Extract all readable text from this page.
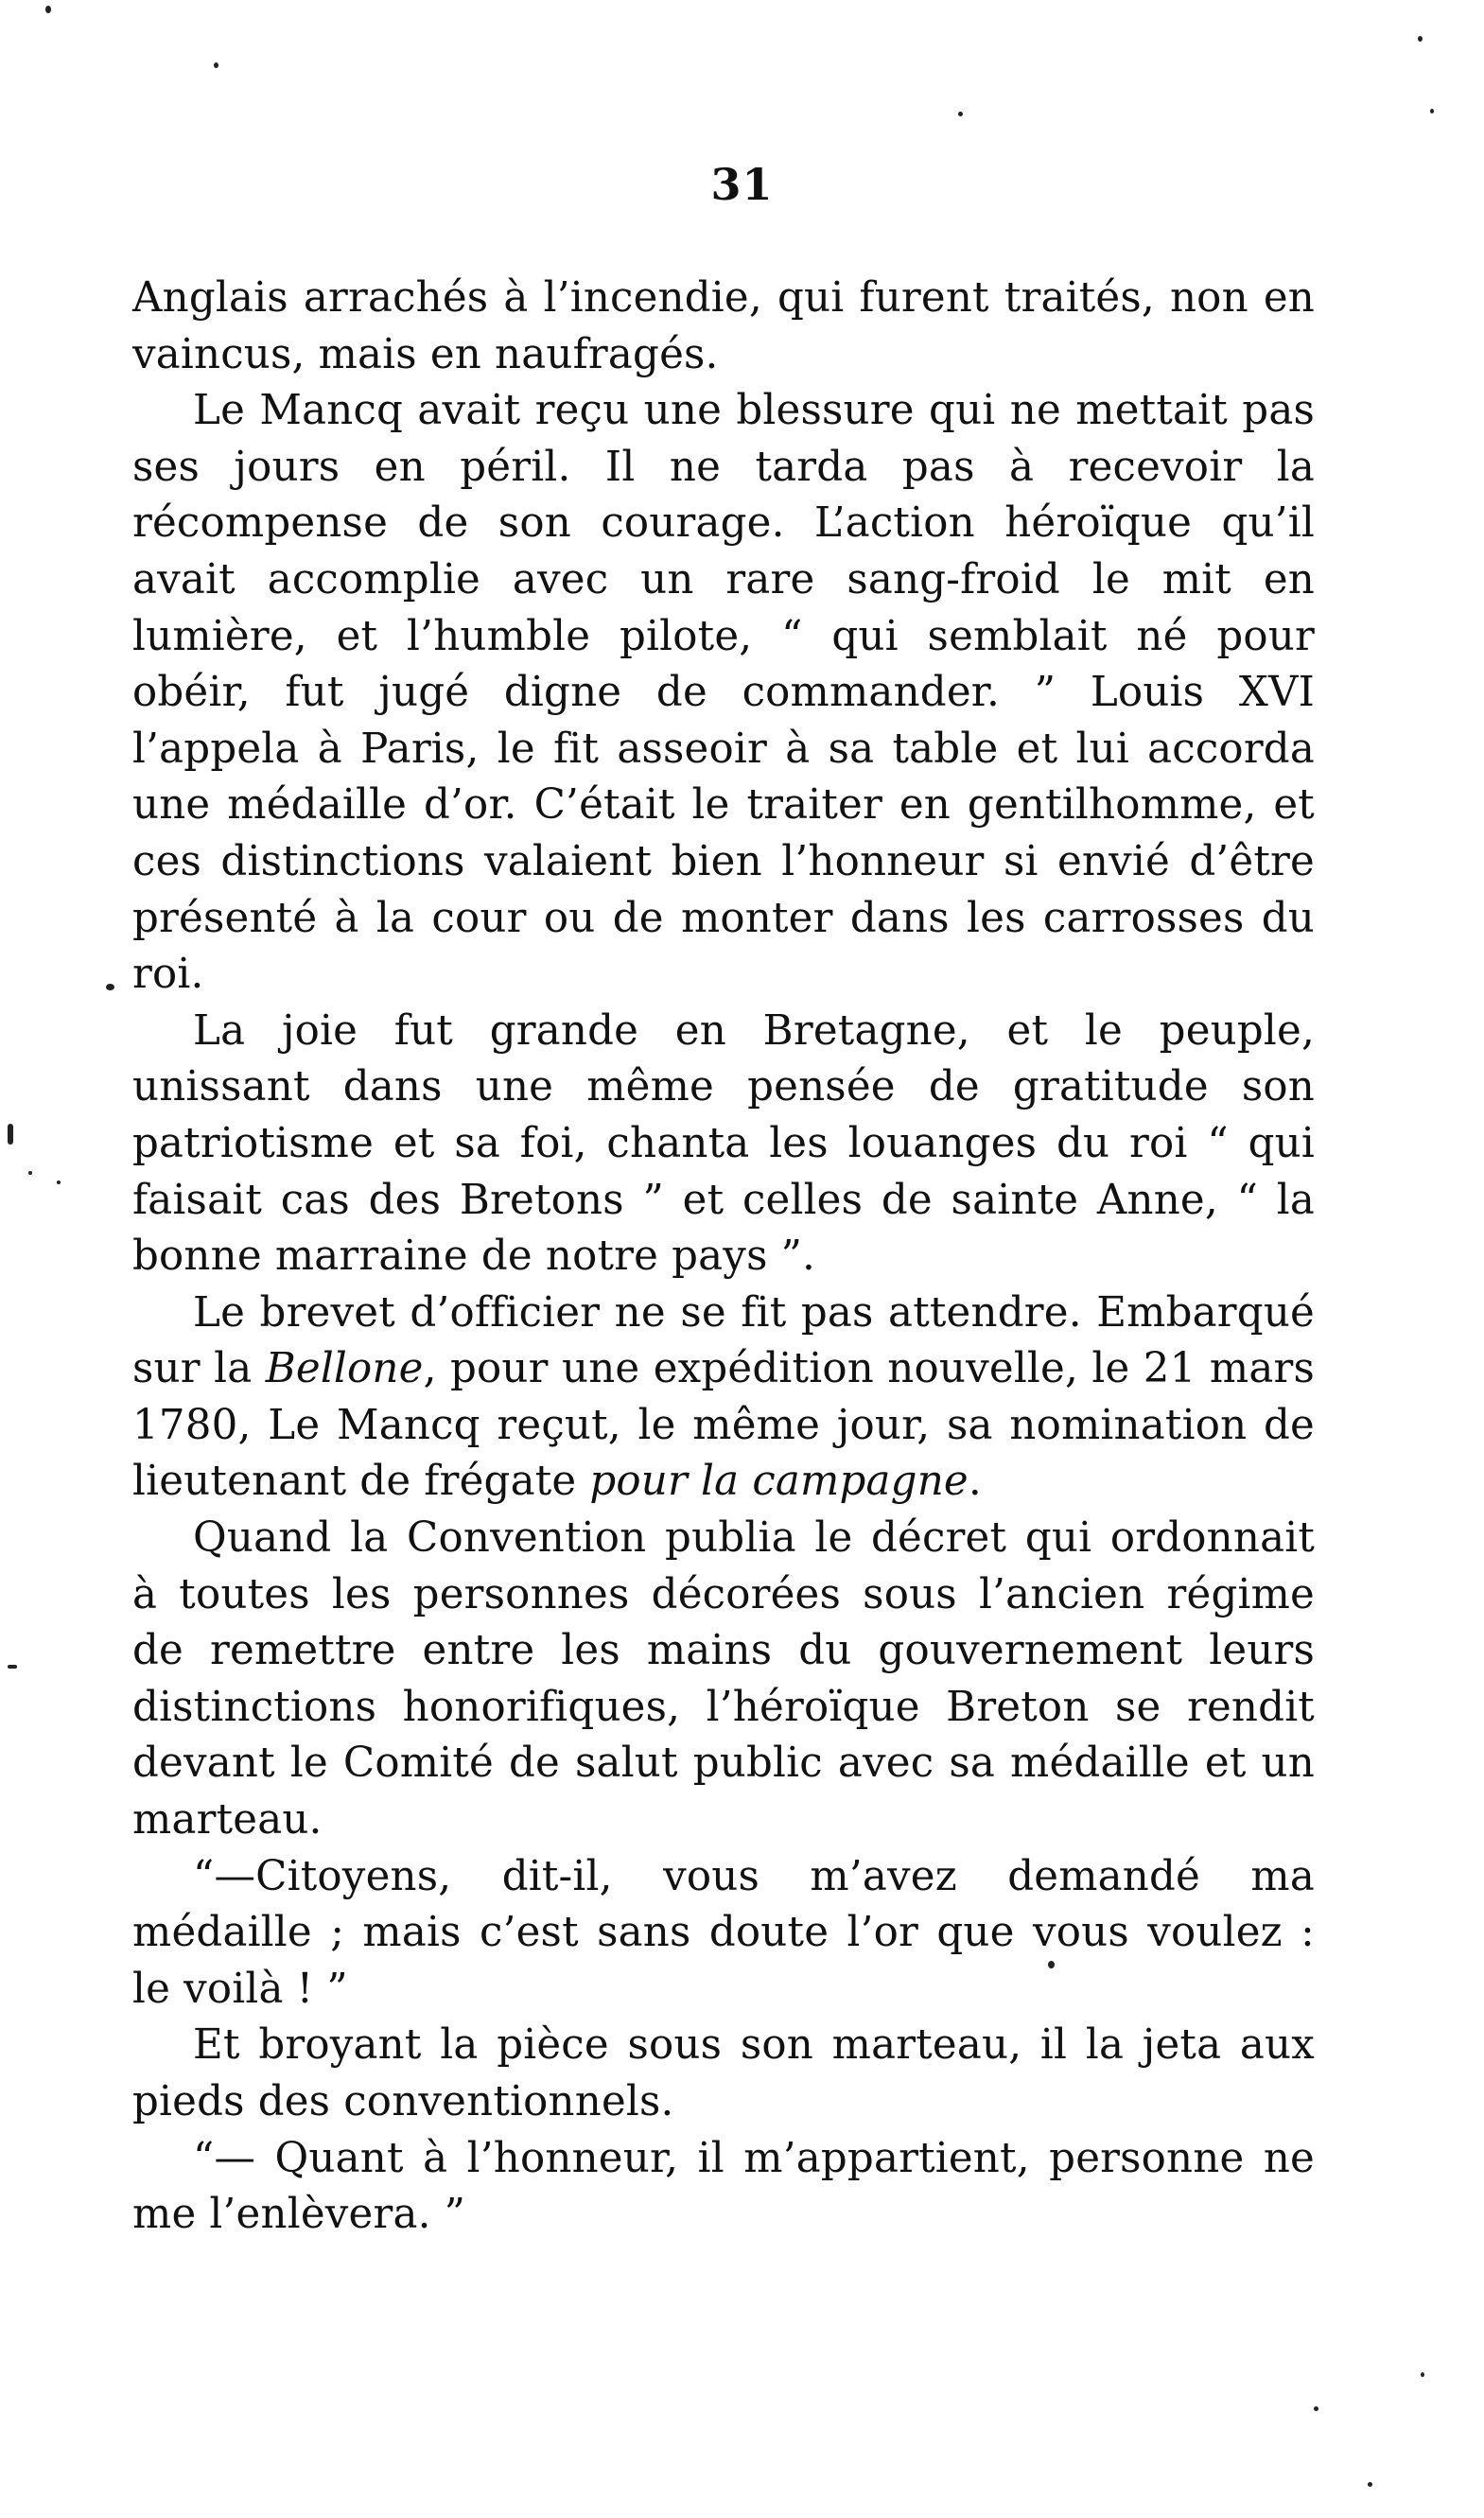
31

Anglais arrachés à l’incendie, qui furent traités, non en vaincus, mais en naufragés.

Le Mancq avait reçu une blessure qui ne mettait pas ses jours en péril. Il ne tarda pas à recevoir la récompense de son courage. L’action héroïque qu’il avait accomplie avec un rare sang-froid le mit en lumière, et l’humble pilote, “ qui semblait né pour obéir, fut jugé digne de commander. ” Louis XVI l’appela à Paris, le fit asseoir à sa table et lui accorda une médaille d’or. C’était le traiter en gentilhomme, et ces distinctions valaient bien l’honneur si envié d’être présenté à la cour ou de monter dans les carrosses du roi.

La joie fut grande en Bretagne, et le peuple, unissant dans une même pensée de gratitude son patriotisme et sa foi, chanta les louanges du roi “ qui faisait cas des Bretons ” et celles de sainte Anne, “ la bonne marraine de notre pays ”.

Le brevet d’officier ne se fit pas attendre. Embarqué sur la Bellone, pour une expédition nouvelle, le 21 mars 1780, Le Mancq reçut, le même jour, sa nomination de lieutenant de frégate pour la campagne.

Quand la Convention publia le décret qui ordonnait à toutes les personnes décorées sous l’ancien régime de remettre entre les mains du gouvernement leurs distinctions honorifiques, l’héroïque Breton se rendit devant le Comité de salut public avec sa médaille et un marteau.

“—Citoyens, dit-il, vous m’avez demandé ma médaille ; mais c’est sans doute l’or que vous voulez : le voilà ! ”

Et broyant la pièce sous son marteau, il la jeta aux pieds des conventionnels.

“— Quant à l’honneur, il m’appartient, personne ne me l’enlèvera. ”
